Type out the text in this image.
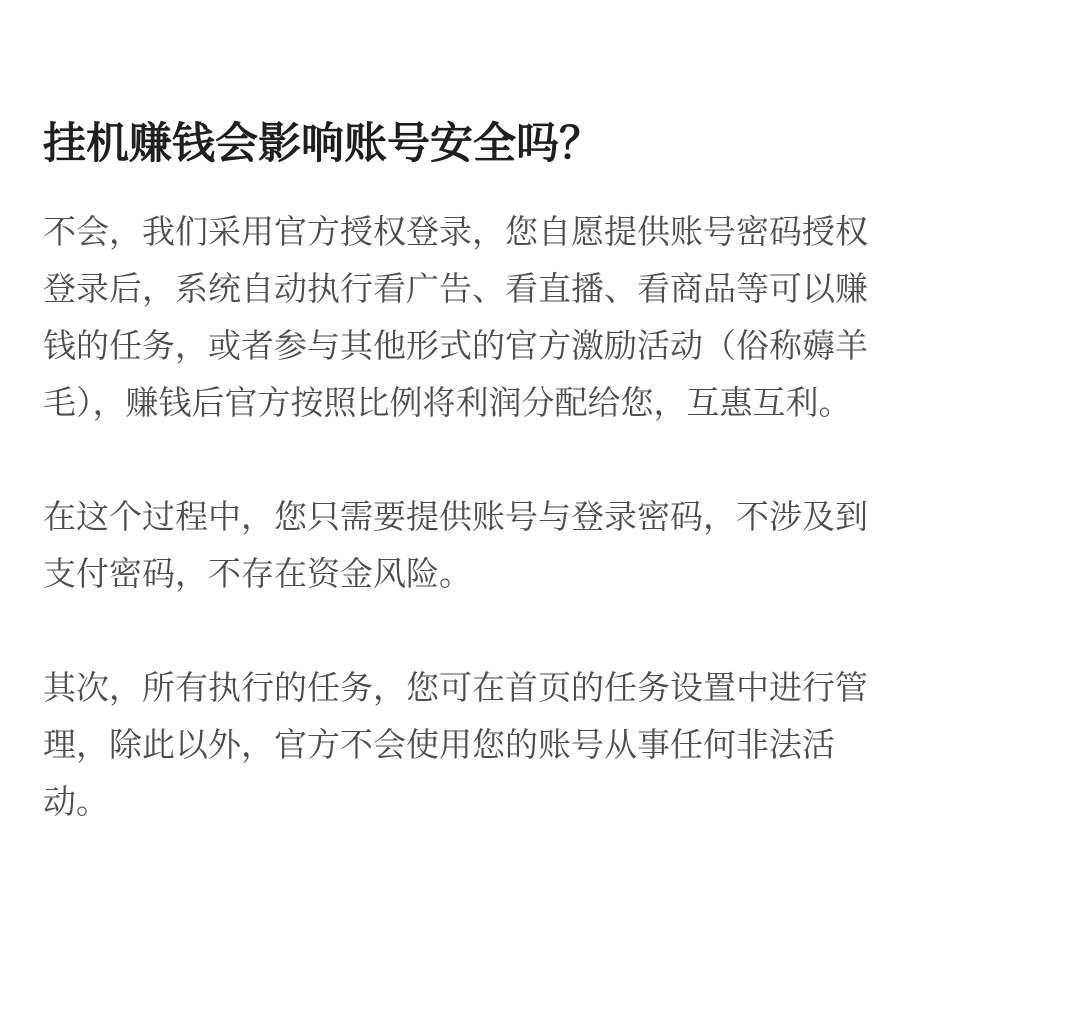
挂机赚钱会影响账号安全吗？

不会，我们采用官方授权登录，您自愿提供账号密码授权
登录后，系统自动执行看广告、看直播、看商品等可以赚
钱的任务，或者参与其他形式的官方激励活动（俗称薅羊
毛），赚钱后官方按照比例将利润分配给您，互惠互利。

在这个过程中，您只需要提供账号与登录密码，不涉及到
支付密码，不存在资金风险。

其次，所有执行的任务，您可在首页的任务设置中进行管
理，除此以外，官方不会使用您的账号从事任何非法活
动。
